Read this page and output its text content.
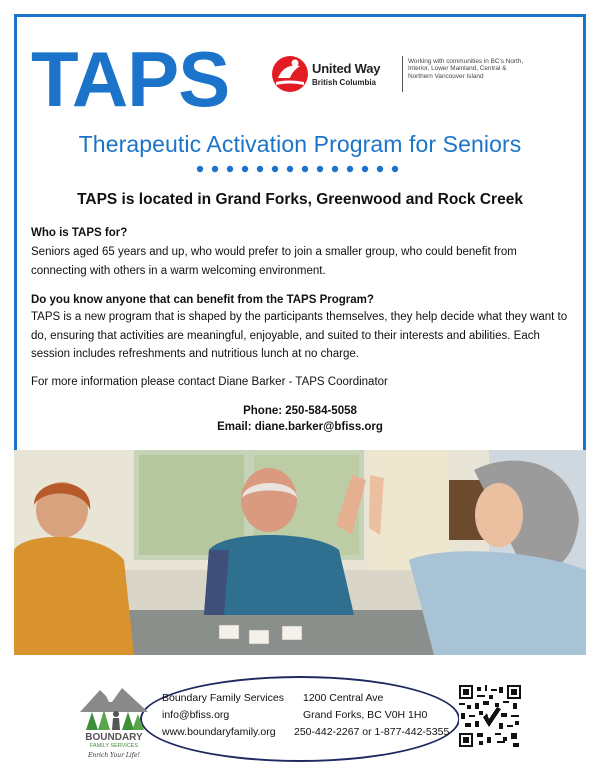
TAPS	United Way
British Columbia
Working with communities in BC's North, Interior, Lower Mainland, Central & Northern Vancouver Island
Therapeutic Activation Program for Seniors
TAPS is located in Grand Forks, Greenwood and Rock Creek
Who is TAPS for?
Seniors aged 65 years and up, who would prefer to join a smaller group, who could benefit from connecting with others in a warm welcoming environment.
Do you know anyone that can benefit from the TAPS Program?
TAPS is a new program that is shaped by the participants themselves, they help decide what they want to do, ensuring that activities are meaningful, enjoyable, and suited to their interests and abilities. Each session includes refreshments and nutritious lunch at no charge.
For more information please contact Diane Barker - TAPS Coordinator
Phone: 250-584-5058
Email: diane.barker@bfiss.org
BOUNDARY
FAMILY SERVICES
Enrich Your Life!
Boundary Family Services
info@bfiss.org
www.boundaryfamily.org
1200 Central Ave
Grand Forks, BC V0H 1H0
250-442-2267 or 1-877-442-5355
